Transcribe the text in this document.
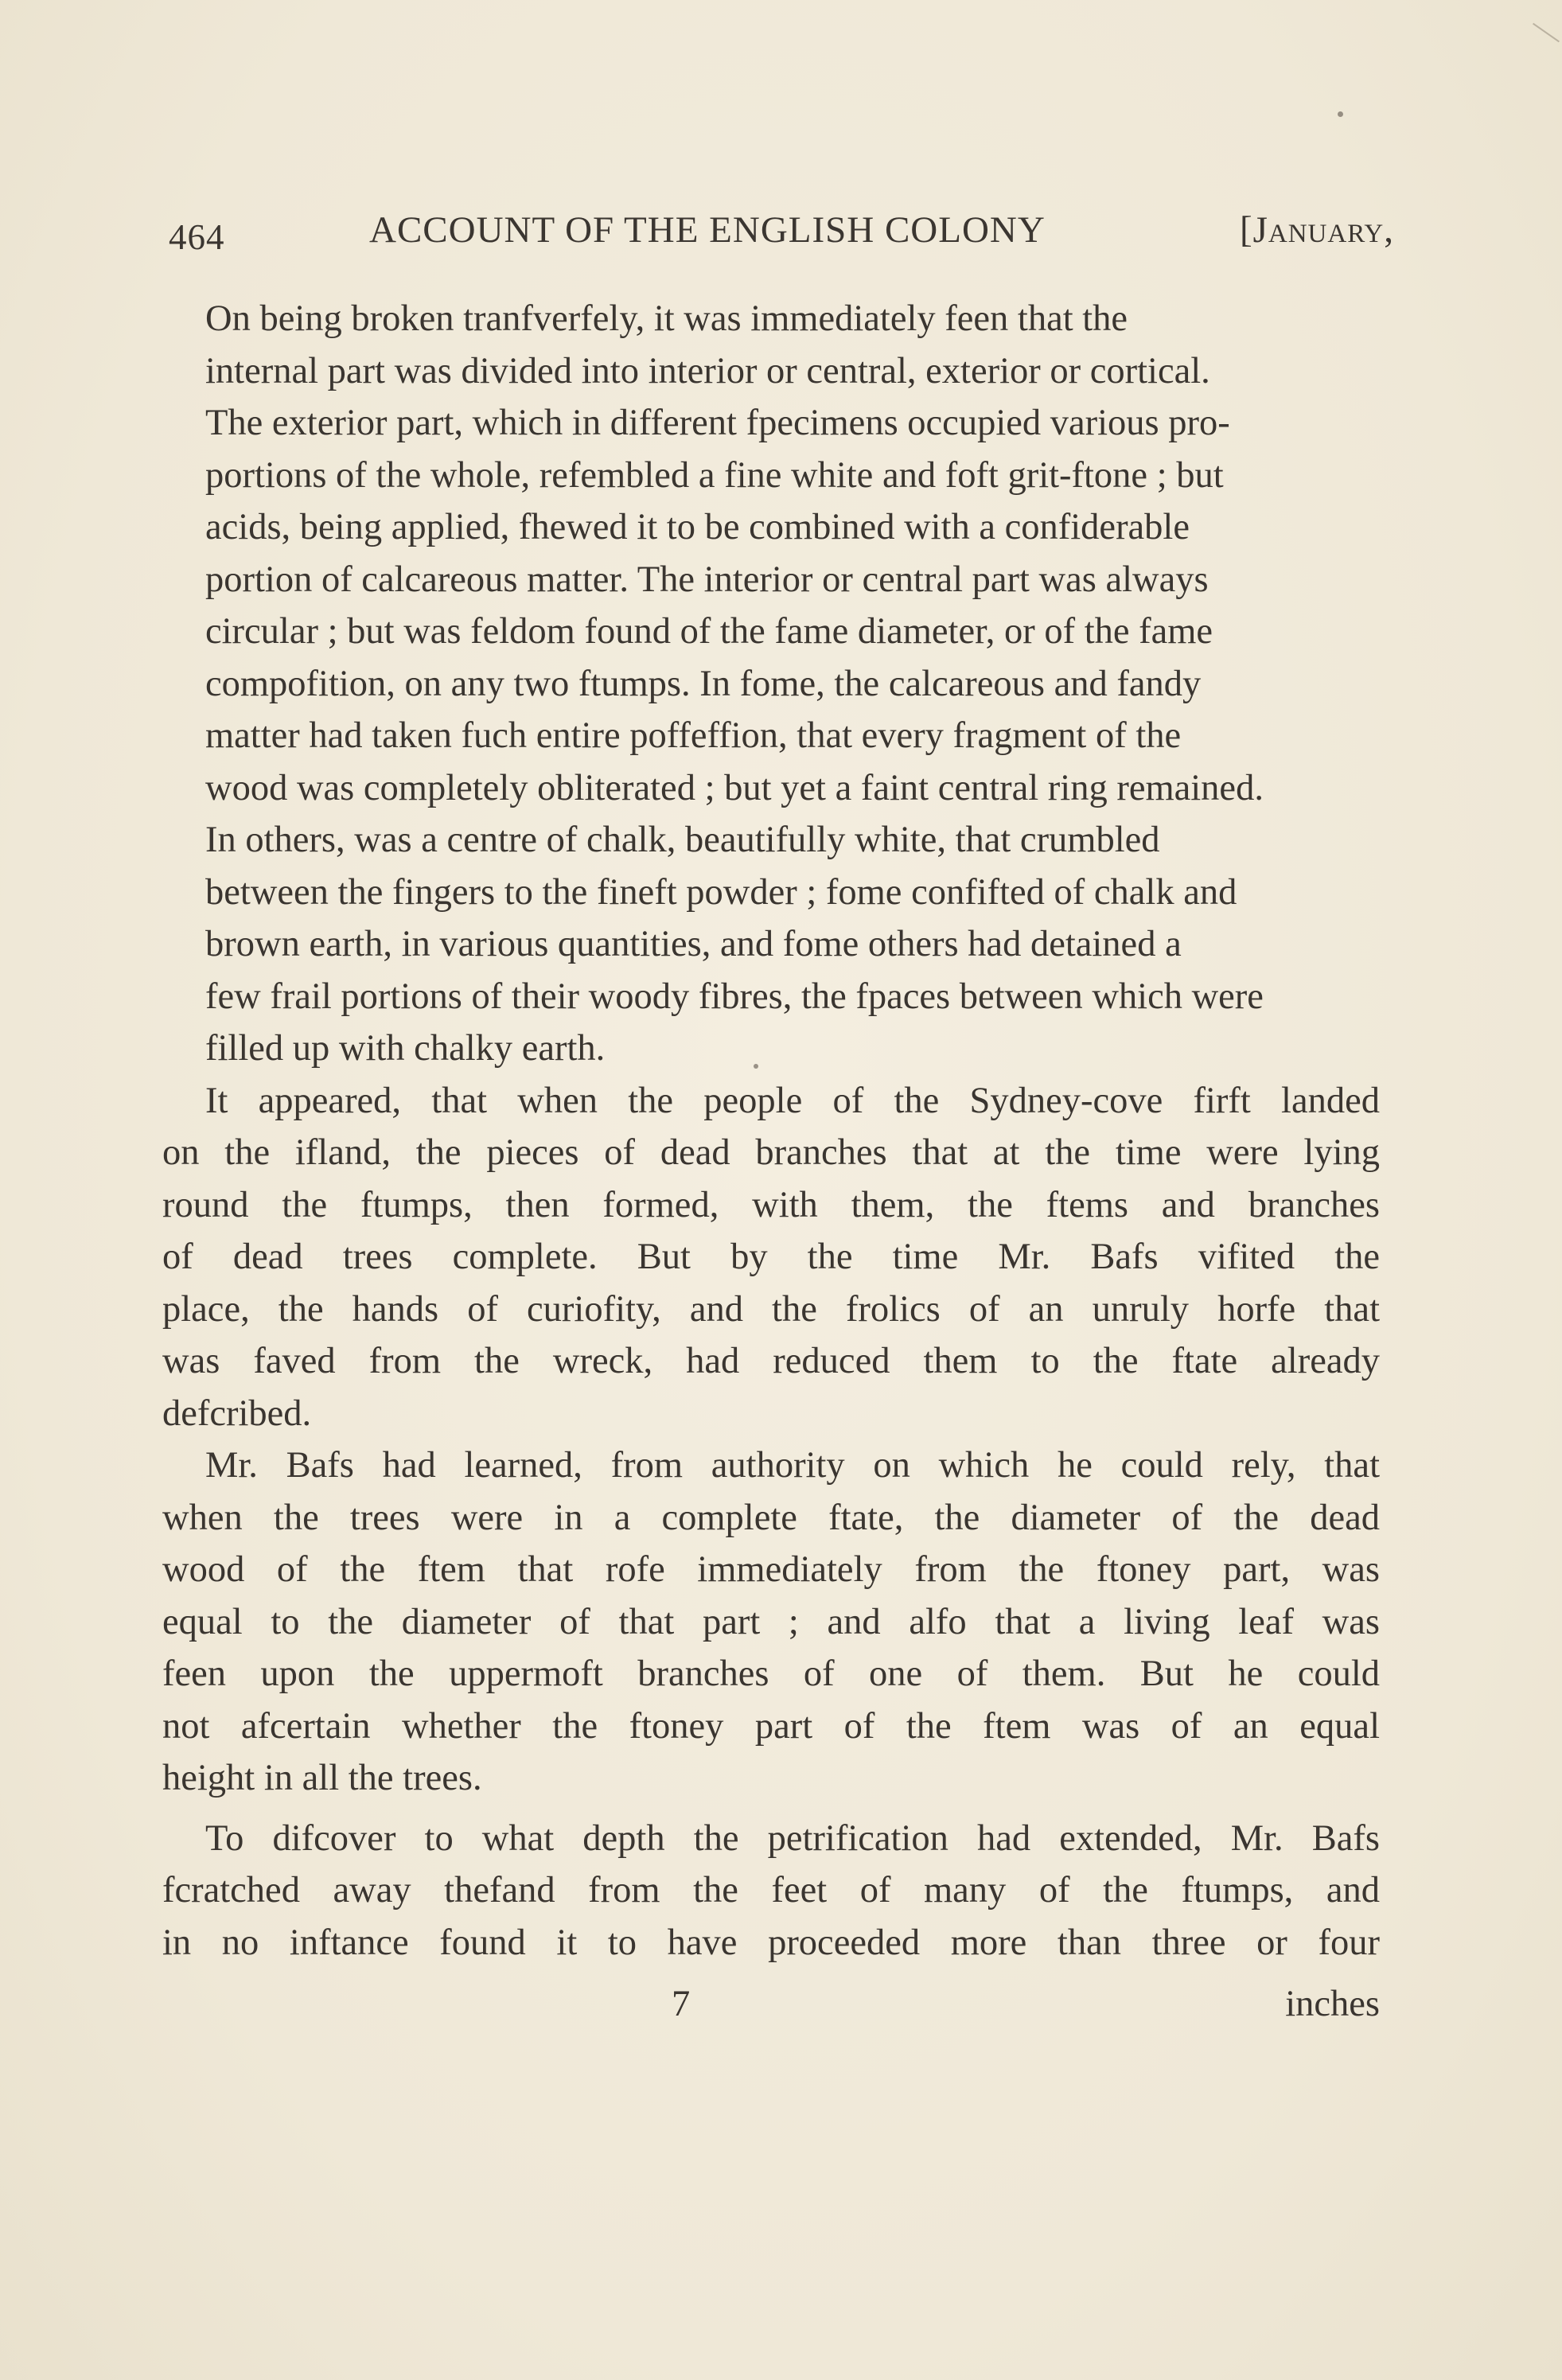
464	ACCOUNT OF THE ENGLISH COLONY	[January,
On being broken tranfverfely, it was immediately feen that the
internal part was divided into interior or central, exterior or cortical.
The exterior part, which in different fpecimens occupied various pro-
portions of the whole, refembled a fine white and foft grit-ftone ; but
acids, being applied, fhewed it to be combined with a confiderable
portion of calcareous matter. The interior or central part was always
circular ; but was feldom found of the fame diameter, or of the fame
compofition, on any two ftumps. In fome, the calcareous and fandy
matter had taken fuch entire poffeffion, that every fragment of the
wood was completely obliterated ; but yet a faint central ring remained.
In others, was a centre of chalk, beautifully white, that crumbled
between the fingers to the fineft powder ; fome confifted of chalk and
brown earth, in various quantities, and fome others had detained a
few frail portions of their woody fibres, the fpaces between which were
filled up with chalky earth.
It appeared, that when the people of the Sydney-cove firft landed
on the ifland, the pieces of dead branches that at the time were lying
round the ftumps, then formed, with them, the ftems and branches
of dead trees complete. But by the time Mr. Bafs vifited the
place, the hands of curiofity, and the frolics of an unruly horfe that
was faved from the wreck, had reduced them to the ftate already
defcribed.
Mr. Bafs had learned, from authority on which he could rely, that
when the trees were in a complete ftate, the diameter of the dead
wood of the ftem that rofe immediately from the ftoney part, was
equal to the diameter of that part ; and alfo that a living leaf was
feen upon the uppermoft branches of one of them. But he could
not afcertain whether the ftoney part of the ftem was of an equal
height in all the trees.
To difcover to what depth the petrification had extended, Mr. Bafs
fcratched away thefand from the feet of many of the ftumps, and
in no inftance found it to have proceeded more than three or four
7	inches
